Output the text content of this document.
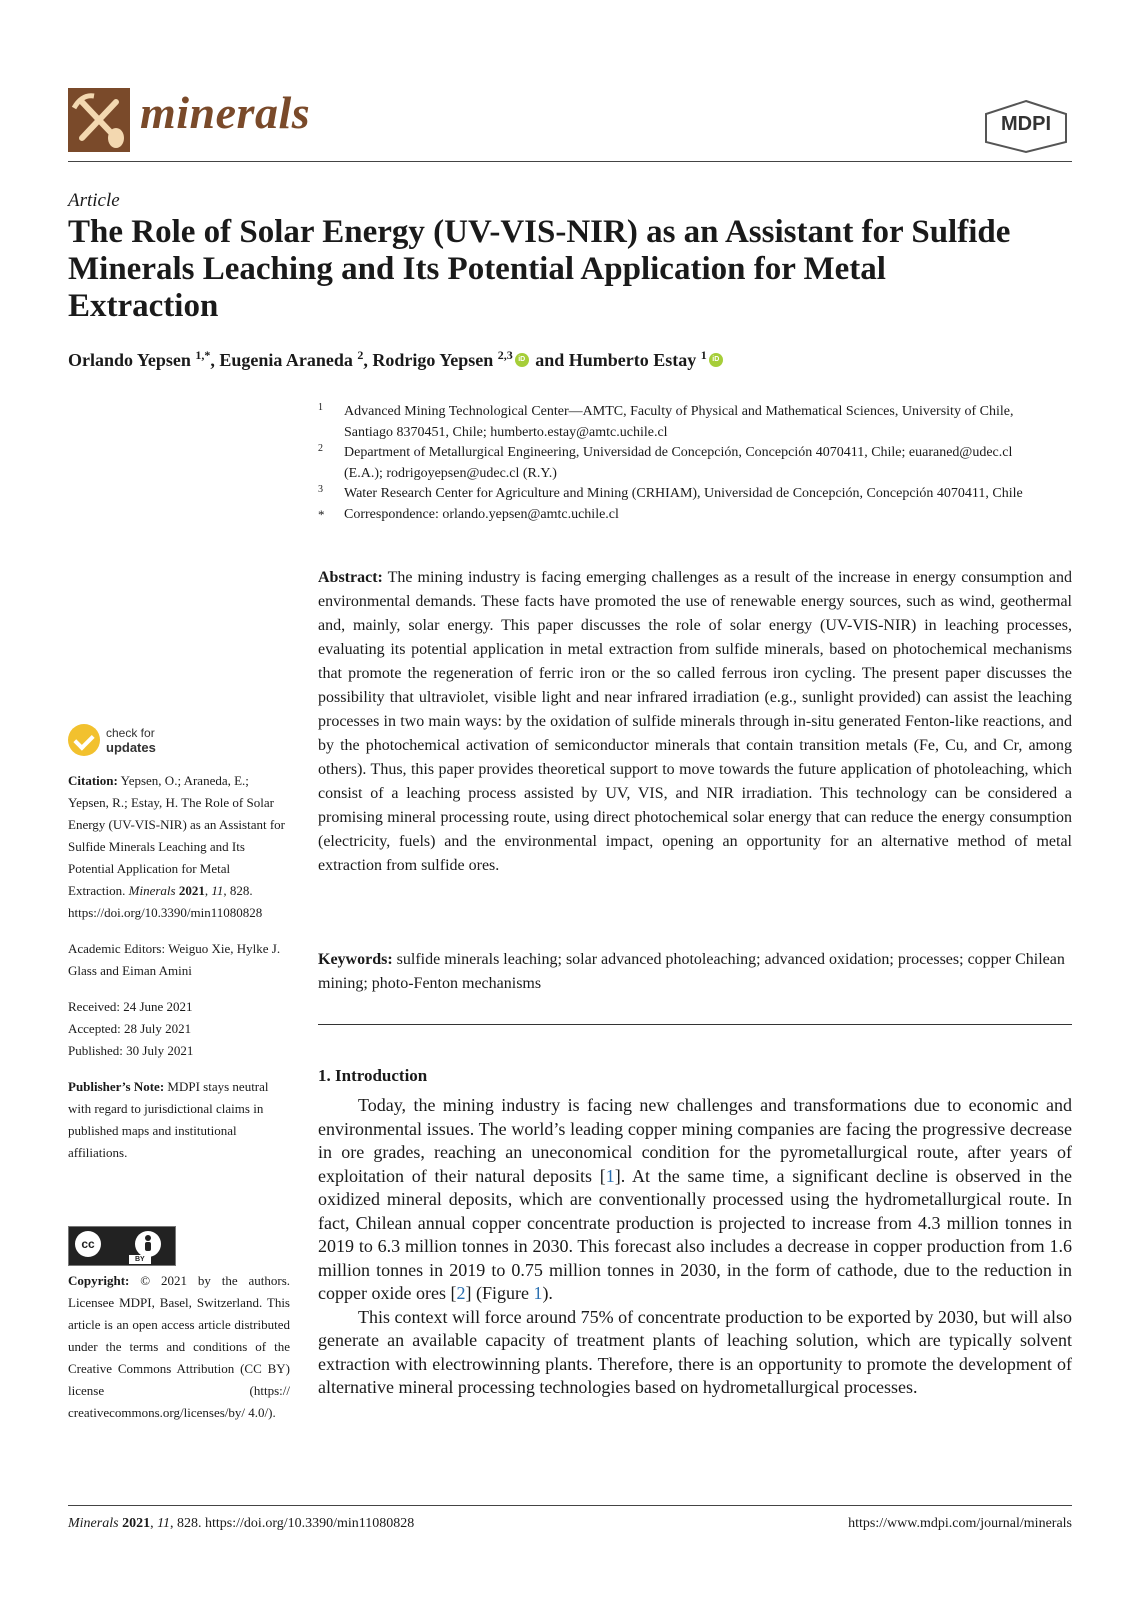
minerals	MDPI
Article
The Role of Solar Energy (UV-VIS-NIR) as an Assistant for Sulfide Minerals Leaching and Its Potential Application for Metal Extraction
Orlando Yepsen $^{1,*}$, Eugenia Araneda $^2$, Rodrigo Yepsen $^{2,3}$ iD and Humberto Estay $^1$ iD
1 Advanced Mining Technological Center—AMTC, Faculty of Physical and Mathematical Sciences, University of Chile, Santiago 8370451, Chile; humberto.estay@amtc.uchile.cl
2 Department of Metallurgical Engineering, Universidad de Concepción, Concepción 4070411, Chile; euaraned@udec.cl (E.A.); rodrigoyepsen@udec.cl (R.Y.)
3 Water Research Center for Agriculture and Mining (CRHIAM), Universidad de Concepción, Concepción 4070411, Chile
* Correspondence: orlando.yepsen@amtc.uchile.cl
Abstract: The mining industry is facing emerging challenges as a result of the increase in energy consumption and environmental demands. These facts have promoted the use of renewable energy sources, such as wind, geothermal and, mainly, solar energy. This paper discusses the role of solar energy (UV-VIS-NIR) in leaching processes, evaluating its potential application in metal extraction from sulfide minerals, based on photochemical mechanisms that promote the regeneration of ferric iron or the so called ferrous iron cycling. The present paper discusses the possibility that ultraviolet, visible light and near infrared irradiation (e.g., sunlight provided) can assist the leaching processes in two main ways: by the oxidation of sulfide minerals through in-situ generated Fenton-like reactions, and by the photochemical activation of semiconductor minerals that contain transition metals (Fe, Cu, and Cr, among others). Thus, this paper provides theoretical support to move towards the future application of photoleaching, which consist of a leaching process assisted by UV, VIS, and NIR irradiation. This technology can be considered a promising mineral processing route, using direct photochemical solar energy that can reduce the energy consumption (electricity, fuels) and the environmental impact, opening an opportunity for an alternative method of metal extraction from sulfide ores.
Keywords: sulfide minerals leaching; solar advanced photoleaching; advanced oxidation; processes; copper Chilean mining; photo-Fenton mechanisms
1. Introduction

Today, the mining industry is facing new challenges and transformations due to economic and environmental issues. The world’s leading copper mining companies are facing the progressive decrease in ore grades, reaching an uneconomical condition for the pyrometallurgical route, after years of exploitation of their natural deposits [1]. At the same time, a significant decline is observed in the oxidized mineral deposits, which are conventionally processed using the hydrometallurgical route. In fact, Chilean annual copper concentrate production is projected to increase from 4.3 million tonnes in 2019 to 6.3 million tonnes in 2030. This forecast also includes a decrease in copper production from 1.6 million tonnes in 2019 to 0.75 million tonnes in 2030, in the form of cathode, due to the reduction in copper oxide ores [2] (Figure 1).

This context will force around 75% of concentrate production to be exported by 2030, but will also generate an available capacity of treatment plants of leaching solution, which are typically solvent extraction with electrowinning plants. Therefore, there is an opportunity to promote the development of alternative mineral processing technologies based on hydrometallurgical processes.

check for
updates
Citation: Yepsen, O.; Araneda, E.; Yepsen, R.; Estay, H. The Role of Solar Energy (UV-VIS-NIR) as an Assistant for Sulfide Minerals Leaching and Its Potential Application for Metal Extraction. Minerals 2021, 11, 828. https://doi.org/10.3390/min11080828
Academic Editors: Weiguo Xie, Hylke J. Glass and Eiman Amini
Received: 24 June 2021
Accepted: 28 July 2021
Published: 30 July 2021
Publisher’s Note: MDPI stays neutral with regard to jurisdictional claims in published maps and institutional affiliations.
cc
BY
Copyright: © 2021 by the authors. Licensee MDPI, Basel, Switzerland. This article is an open access article distributed under the terms and conditions of the Creative Commons Attribution (CC BY) license (https:// creativecommons.org/licenses/by/ 4.0/).
Minerals 2021, 11, 828. https://doi.org/10.3390/min11080828	https://www.mdpi.com/journal/minerals
